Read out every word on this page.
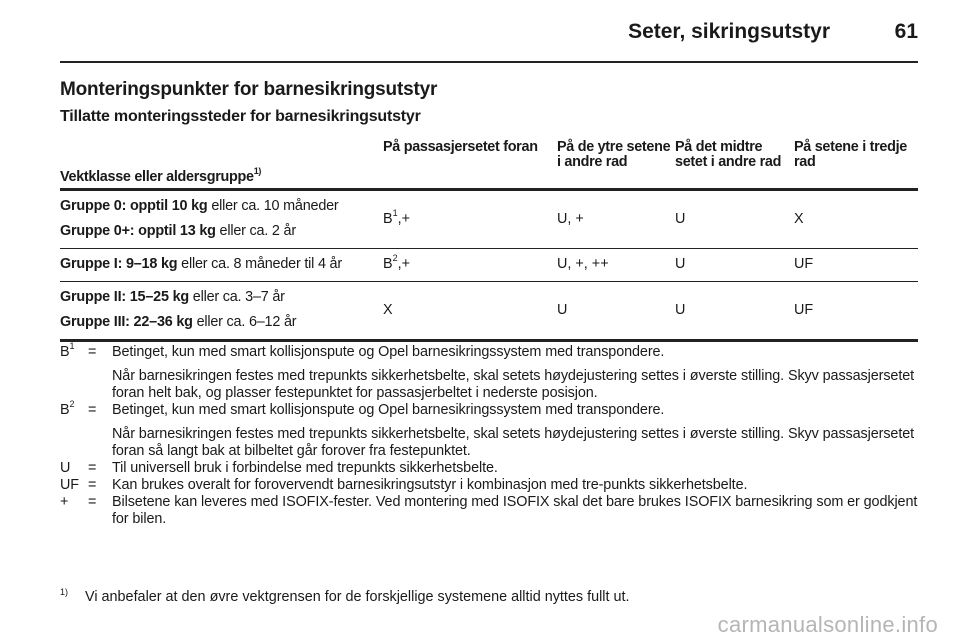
Seter, sikringsutstyr	61
Monteringspunkter for barnesikringsutstyr
Tillatte monteringssteder for barnesikringsutstyr
Vektklasse eller aldersgruppe$^{1)}$	På passasjersetet foran	På de ytre setene i andre rad	På det midtre setet i andre rad	På setene i tredje rad

Gruppe 0: opptil 10 kg eller ca. 10 måneder
Gruppe 0+: opptil 13 kg eller ca. 2 år	$B^1,+$	U, +	U	X

Gruppe I: 9–18 kg eller ca. 8 måneder til 4 år	$B^2,+$	U, +, ++	U	UF

Gruppe II: 15–25 kg eller ca. 3–7 år
Gruppe III: 22–36 kg eller ca. 6–12 år	X	U	U	UF
$B^1$ =	Betinget, kun med smart kollisjonspute og Opel barnesikringssystem med transpondere.

Når barnesikringen festes med trepunkts sikkerhetsbelte, skal setets høydejustering settes i øverste stilling. Skyv passasjersetet foran helt bak, og plasser festepunktet for passasjerbeltet i nederste posisjon.

$B^2$ =	Betinget, kun med smart kollisjonspute og Opel barnesikringssystem med transpondere.

Når barnesikringen festes med trepunkts sikkerhetsbelte, skal setets høydejustering settes i øverste stilling. Skyv passasjersetet foran så langt bak at bilbeltet går forover fra festepunktet.

U	=	Til universell bruk i forbindelse med trepunkts sikkerhetsbelte.

UF =	Kan brukes overalt for forovervendt barnesikringsutstyr i kombinasjon med tre-punkts sikkerhetsbelte.

+	=	Bilsetene kan leveres med ISOFIX-fester. Ved montering med ISOFIX skal det bare brukes ISOFIX barnesikring som er godkjent for bilen.

$^{1)}$ Vi anbefaler at den øvre vektgrensen for de forskjellige systemene alltid nyttes fullt ut.
carmanualsonline.info
